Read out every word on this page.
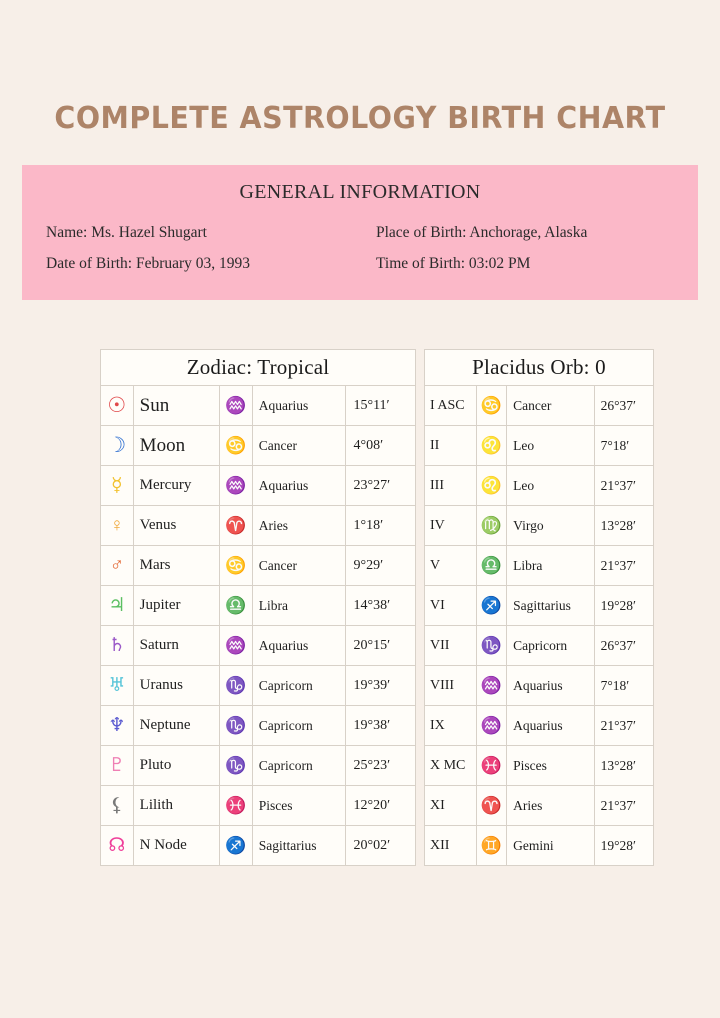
COMPLETE ASTROLOGY BIRTH CHART
GENERAL INFORMATION
Name: Ms. Hazel Shugart	Place of Birth: Anchorage, Alaska
Date of Birth: February 03, 1993	Time of Birth: 03:02 PM
Zodiac: Tropical				
☉	Sun	♒	Aquarius	15°11′
☽	Moon	♋	Cancer	4°08′
☿	Mercury	♒	Aquarius	23°27′
♀	Venus	♈	Aries	1°18′
♂	Mars	♋	Cancer	9°29′
♃	Jupiter	♎	Libra	14°38′
♄	Saturn	♒	Aquarius	20°15′
♅	Uranus	♑	Capricorn	19°39′
♆	Neptune	♑	Capricorn	19°38′
♇	Pluto	♑	Capricorn	25°23′
⚸	Lilith	♓	Pisces	12°20′
☊	N Node	♐	Sagittarius	20°02′
Placidus Orb: 0			
I ASC	♋	Cancer	26°37′
II	♌	Leo	7°18′
III	♌	Leo	21°37′
IV	♍	Virgo	13°28′
V	♎	Libra	21°37′
VI	♐	Sagittarius	19°28′
VII	♑	Capricorn	26°37′
VIII	♒	Aquarius	7°18′
IX	♒	Aquarius	21°37′
X MC	♓	Pisces	13°28′
XI	♈	Aries	21°37′
XII	♊	Gemini	19°28′
